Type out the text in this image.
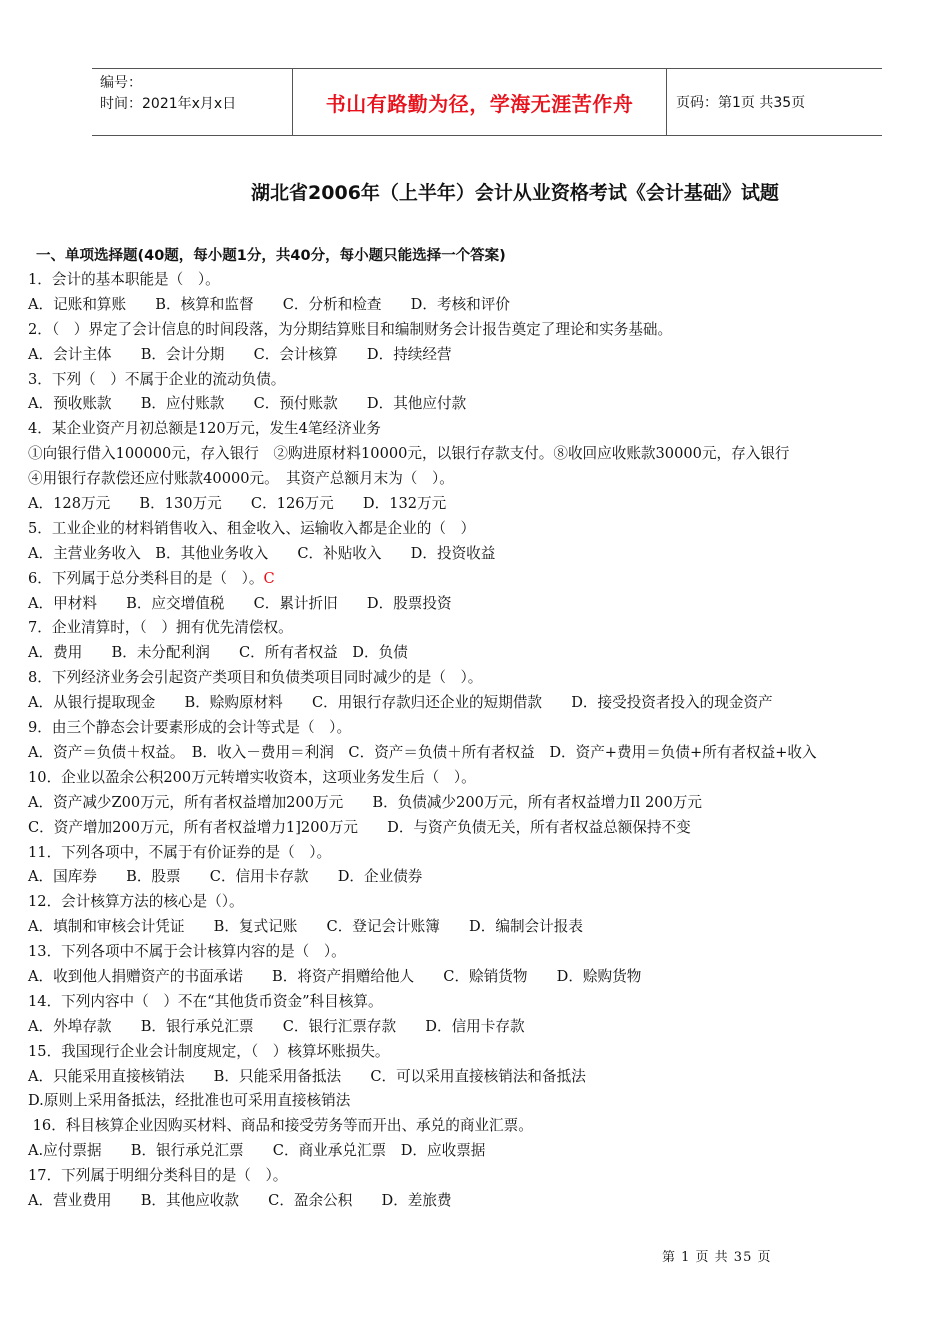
编号：
时间：2021年x月x日	书山有路勤为径，学海无涯苦作舟	页码：第1页 共35页
湖北省2006年（上半年）会计从业资格考试《会计基础》试题
一、单项选择题(40题，每小题1分，共40分，每小题只能选择一个答案)
1．会计的基本职能是（　）。
A．记账和算账　　B．核算和监督　　C．分析和检查　　D．考核和评价
2．（　）界定了会计信息的时间段落，为分期结算账目和编制财务会计报告奠定了理论和实务基础。
A．会计主体　　B．会计分期　　C．会计核算　　D．持续经营
3．下列（　）不属于企业的流动负债。
A．预收账款　　B．应付账款　　C．预付账款　　D．其他应付款
4．某企业资产月初总额是120万元，发生4笔经济业务
①向银行借入100000元，存入银行　②购进原材料10000元，以银行存款支付。⑧收回应收账款30000元，存入银行
④用银行存款偿还应付账款40000元。　其资产总额月末为（　）。
A．128万元　　B．130万元　　C．126万元　　D．132万元
5．工业企业的材料销售收入、租金收入、运输收入都是企业的（　）
A．主营业务收入　B．其他业务收入　　C．补贴收入　　D．投资收益
6．下列属于总分类科目的是（　）。C
A．甲材料　　B．应交增值税　　C．累计折旧　　D．股票投资
7．企业清算时，（　）拥有优先清偿权。
A．费用　　B．未分配利润　　C．所有者权益　D．负债
8．下列经济业务会引起资产类项目和负债类项目同时减少的是（　）。
A．从银行提取现金　　B．赊购原材料　　C．用银行存款归还企业的短期借款　　D．接受投资者投入的现金资产
9．由三个静态会计要素形成的会计等式是（　）。
A．资产＝负债＋权益。　B．收入－费用＝利润　C．资产＝负债＋所有者权益　D．资产+费用＝负债+所有者权益+收入
10．企业以盈余公积200万元转增实收资本，这项业务发生后（　）。
A．资产减少Z00万元，所有者权益增加200万元　　B．负债减少200万元，所有者权益增力Il 200万元
C．资产增加200万元，所有者权益增力1]200万元　　D．与资产负债无关，所有者权益总额保持不变
11．下列各项中，不属于有价证券的是（　）。
A．国库券　　B．股票　　C．信用卡存款　　D．企业债券
12．会计核算方法的核心是（）。
A．填制和审核会计凭证　　B．复式记账　　C．登记会计账簿　　D．编制会计报表
13．下列各项中不属于会计核算内容的是（　）。
A．收到他人捐赠资产的书面承诺　　B．将资产捐赠给他人　　C．赊销货物　　D．赊购货物
14．下列内容中（　）不在“其他货币资金”科目核算。
A．外埠存款　　B．银行承兑汇票　　C．银行汇票存款　　D．信用卡存款
15．我国现行企业会计制度规定，（　）核算坏账损失。
A．只能采用直接核销法　　B．只能采用备抵法　　C．可以采用直接核销法和备抵法
D.原则上采用备抵法，经批准也可采用直接核销法
16．科目核算企业因购买材料、商品和接受劳务等而开出、承兑的商业汇票。
A.应付票据　　B．银行承兑汇票　　C．商业承兑汇票　D．应收票据
17．下列属于明细分类科目的是（　）。
A．营业费用　　B．其他应收款　　C．盈余公积　　D．差旅费
第 1 页 共 35 页
